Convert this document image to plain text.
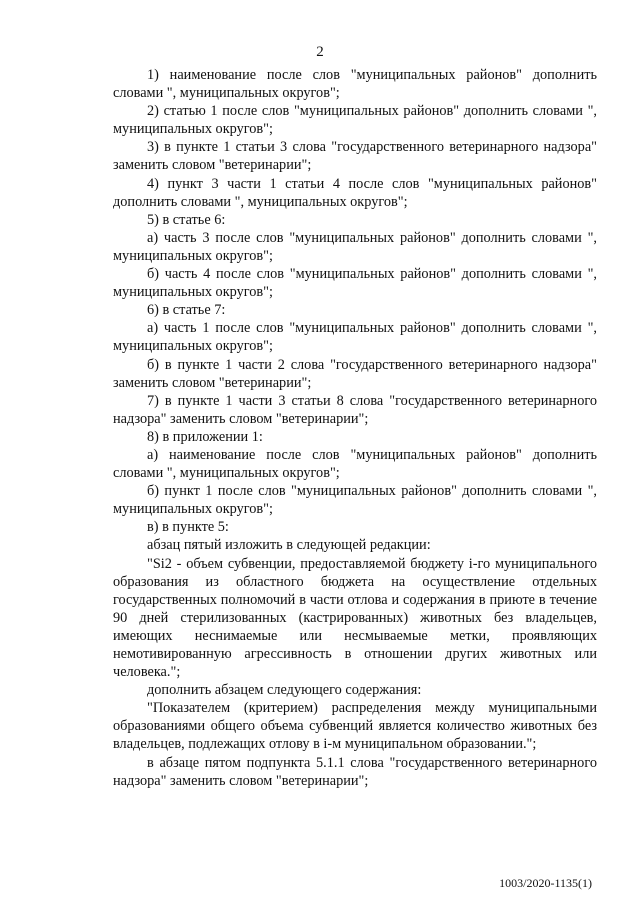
2

1) наименование после слов "муниципальных районов" дополнить словами ", муниципальных округов";

2) статью 1 после слов "муниципальных районов" дополнить словами ", муниципальных округов";

3) в пункте 1 статьи 3 слова "государственного ветеринарного надзора" заменить словом "ветеринарии";

4) пункт 3 части 1 статьи 4 после слов "муниципальных районов" дополнить словами ", муниципальных округов";

5) в статье 6:

а) часть 3 после слов "муниципальных районов" дополнить словами ", муниципальных округов";

б) часть 4 после слов "муниципальных районов" дополнить словами ", муниципальных округов";

6) в статье 7:

а) часть 1 после слов "муниципальных районов" дополнить словами ", муниципальных округов";

б) в пункте 1 части 2 слова "государственного ветеринарного надзора" заменить словом "ветеринарии";

7) в пункте 1 части 3 статьи 8 слова "государственного ветеринарного надзора" заменить словом "ветеринарии";

8) в приложении 1:

а) наименование после слов "муниципальных районов" дополнить словами ", муниципальных округов";

б) пункт 1 после слов "муниципальных районов" дополнить словами ", муниципальных округов";

в) в пункте 5:

абзац пятый изложить в следующей редакции:

"Si2 - объем субвенции, предоставляемой бюджету i-го муниципального образования из областного бюджета на осуществление отдельных государственных полномочий в части отлова и содержания в приюте в течение 90 дней стерилизованных (кастрированных) животных без владельцев, имеющих неснимаемые или несмываемые метки, проявляющих немотивированную агрессивность в отношении других животных или человека.";

дополнить абзацем следующего содержания:

"Показателем (критерием) распределения между муниципальными образованиями общего объема субвенций является количество животных без владельцев, подлежащих отлову в i-м муниципальном образовании.";

в абзаце пятом подпункта 5.1.1 слова "государственного ветеринарного надзора" заменить словом "ветеринарии";

1003/2020-1135(1)
